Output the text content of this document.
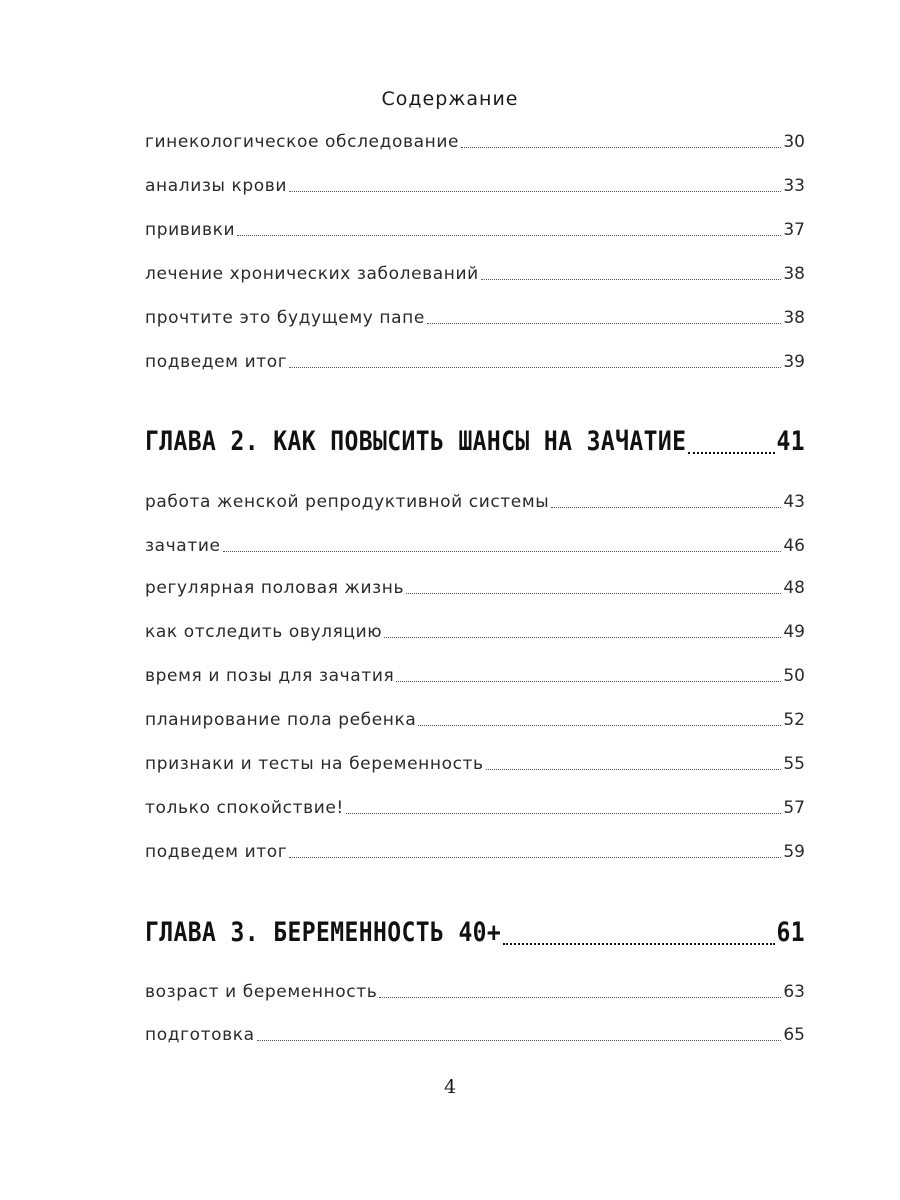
Содержание
гинекологическое обследование	30
анализы крови	33
прививки	37
лечение хронических заболеваний	38
прочтите это будущему папе	38
подведем итог	39
ГЛАВА 2. КАК ПОВЫСИТЬ ШАНСЫ НА ЗАЧАТИЕ	41
работа женской репродуктивной системы	43
зачатие	46
регулярная половая жизнь	48
как отследить овуляцию	49
время и позы для зачатия	50
планирование пола ребенка	52
признаки и тесты на беременность	55
только спокойствие!	57
подведем итог	59
ГЛАВА 3. БЕРЕМЕННОСТЬ 40+	61
возраст и беременность	63
подготовка	65
4
